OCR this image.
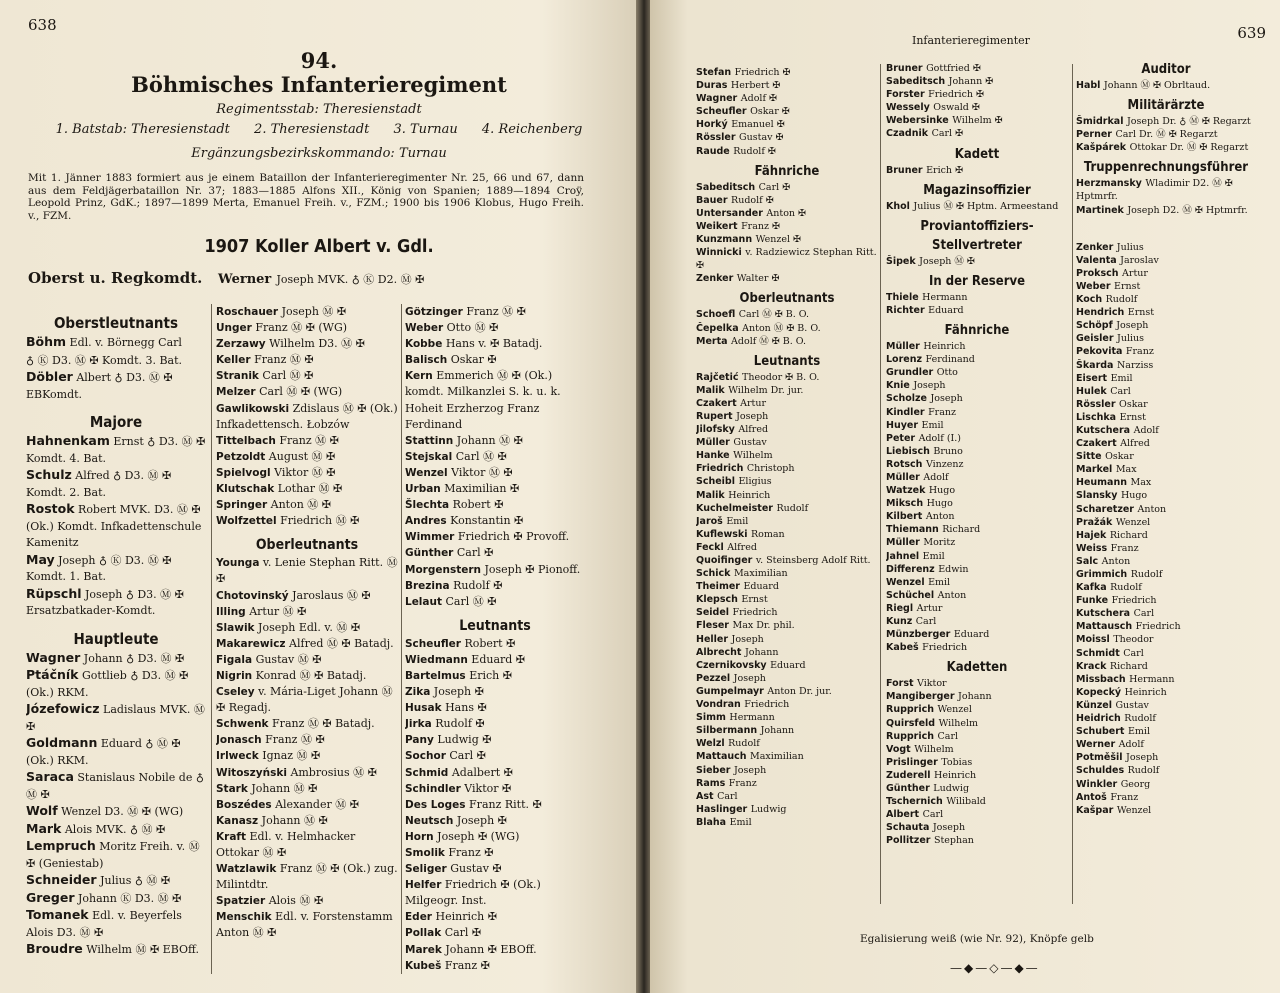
638
94.
Böhmisches Infanterieregiment
Regimentsstab: Theresienstadt
1. Batstab: Theresienstadt 2. Theresienstadt 3. Turnau 4. Reichenberg
Ergänzungsbezirkskommando: Turnau
Mit 1. Jänner 1883 formiert aus je einem Bataillon der Infanterieregimenter Nr. 25, 66 und 67, dann aus dem Feldjägerbataillon Nr. 37; 1883—1885 Alfons XII., König von Spanien; 1889—1894 Croÿ, Leopold Prinz, GdK.; 1897—1899 Merta, Emanuel Freih. v., FZM.; 1900 bis 1906 Klobus, Hugo Freih. v., FZM.
1907 Koller Albert v. Gdl.
Oberst u. Regkomdt. Werner Joseph MVK. ♁ Ⓚ D2. Ⓜ ✠
Oberstleutnants
Böhm Edl. v. Börnegg Carl
♁ Ⓚ D3. Ⓜ ✠ Komdt. 3. Bat.
Döbler Albert ♁ D3. Ⓜ ✠ EBKomdt.
Majore
Hahnenkam Ernst ♁ D3. Ⓜ ✠ Komdt. 4. Bat.
Schulz Alfred ♁ D3. Ⓜ ✠ Komdt. 2. Bat.
Rostok Robert MVK. D3. Ⓜ ✠ (Ok.) Komdt. Infkadettenschule Kamenitz
May Joseph ♁ Ⓚ D3. Ⓜ ✠ Komdt. 1. Bat.
Rüpschl Joseph ♁ D3. Ⓜ ✠ Ersatzbatkader-Komdt.
Hauptleute
Wagner Johann ♁ D3. Ⓜ ✠
Ptáčník Gottlieb ♁ D3. Ⓜ ✠ (Ok.) RKM.
Józefowicz Ladislaus MVK. Ⓜ ✠
Goldmann Eduard ♁ Ⓜ ✠ (Ok.) RKM.
Saraca Stanislaus Nobile de ♁ Ⓜ ✠
Wolf Wenzel D3. Ⓜ ✠ (WG)
Mark Alois MVK. ♁ Ⓜ ✠
Lempruch Moritz Freih. v. Ⓜ ✠ (Geniestab)
Schneider Julius ♁ Ⓜ ✠
Greger Johann Ⓚ D3. Ⓜ ✠
Tomanek Edl. v. Beyerfels Alois D3. Ⓜ ✠
Broudre Wilhelm Ⓜ ✠ EBOff.
Roschauer Joseph Ⓜ ✠
Unger Franz Ⓜ ✠ (WG)
Zerzawy Wilhelm D3. Ⓜ ✠
Keller Franz Ⓜ ✠
Stranik Carl Ⓜ ✠
Melzer Carl Ⓜ ✠ (WG)
Gawlikowski Zdislaus Ⓜ ✠ (Ok.) Infkadettensch. Łobzów
Tittelbach Franz Ⓜ ✠
Petzoldt August Ⓜ ✠
Spielvogl Viktor Ⓜ ✠
Klutschak Lothar Ⓜ ✠
Springer Anton Ⓜ ✠
Wolfzettel Friedrich Ⓜ ✠
Oberleutnants
Younga v. Lenie Stephan Ritt. Ⓜ ✠
Chotovinský Jaroslaus Ⓜ ✠
Illing Artur Ⓜ ✠
Slawik Joseph Edl. v. Ⓜ ✠
Makarewicz Alfred Ⓜ ✠ Batadj.
Figala Gustav Ⓜ ✠
Nigrin Konrad Ⓜ ✠ Batadj.
Cseley v. Mária-Liget Johann Ⓜ ✠ Regadj.
Schwenk Franz Ⓜ ✠ Batadj.
Jonasch Franz Ⓜ ✠
Irlweck Ignaz Ⓜ ✠
Witoszyński Ambrosius Ⓜ ✠
Stark Johann Ⓜ ✠
Boszédes Alexander Ⓜ ✠
Kanasz Johann Ⓜ ✠
Kraft Edl. v. Helmhacker Ottokar Ⓜ ✠
Watzlawik Franz Ⓜ ✠ (Ok.) zug. Milintdtr.
Spatzier Alois Ⓜ ✠
Menschik Edl. v. Forstenstamm Anton Ⓜ ✠
Götzinger Franz Ⓜ ✠
Weber Otto Ⓜ ✠
Kobbe Hans v. ✠ Batadj.
Balisch Oskar ✠
Kern Emmerich Ⓜ ✠ (Ok.) komdt. Milkanzlei S. k. u. k. Hoheit Erzherzog Franz Ferdinand
Stattinn Johann Ⓜ ✠
Stejskal Carl Ⓜ ✠
Wenzel Viktor Ⓜ ✠
Urban Maximilian ✠
Šlechta Robert ✠
Andres Konstantin ✠
Wimmer Friedrich ✠ Provoff.
Günther Carl ✠
Morgenstern Joseph ✠ Pionoff.
Brezina Rudolf ✠
Lelaut Carl Ⓜ ✠
Leutnants
Scheufler Robert ✠
Wiedmann Eduard ✠
Bartelmus Erich ✠
Zika Joseph ✠
Husak Hans ✠
Jirka Rudolf ✠
Pany Ludwig ✠
Sochor Carl ✠
Schmid Adalbert ✠
Schindler Viktor ✠
Des Loges Franz Ritt. ✠
Neutsch Joseph ✠
Horn Joseph ✠ (WG)
Smolik Franz ✠
Seliger Gustav ✠
Helfer Friedrich ✠ (Ok.) Milgeogr. Inst.
Eder Heinrich ✠
Pollak Carl ✠
Marek Johann ✠ EBOff.
Kubeš Franz ✠
Infanterieregimenter	639
Stefan Friedrich ✠
Duras Herbert ✠
Wagner Adolf ✠
Scheufler Oskar ✠
Horký Emanuel ✠
Rössler Gustav ✠
Raude Rudolf ✠
Fähnriche
Sabeditsch Carl ✠
Bauer Rudolf ✠
Untersander Anton ✠
Weikert Franz ✠
Kunzmann Wenzel ✠
Winnicki v. Radziewicz Stephan Ritt. ✠
Zenker Walter ✠
Oberleutnants
Schoefl Carl Ⓜ ✠ B. O.
Čepelka Anton Ⓜ ✠ B. O.
Merta Adolf Ⓜ ✠ B. O.
Leutnants
Rajčetić Theodor ✠ B. O.
Malik Wilhelm Dr. jur.
Czakert Artur
Rupert Joseph
Jilofsky Alfred
Müller Gustav
Hanke Wilhelm
Friedrich Christoph
Scheibl Eligius
Malik Heinrich
Kuchelmeister Rudolf
Jaroš Emil
Kuflewski Roman
Feckl Alfred
Quoifinger v. Steinsberg Adolf Ritt.
Schick Maximilian
Theimer Eduard
Klepsch Ernst
Seidel Friedrich
Fleser Max Dr. phil.
Heller Joseph
Albrecht Johann
Czernikovsky Eduard
Pezzel Joseph
Gumpelmayr Anton Dr. jur.
Vondran Friedrich
Simm Hermann
Silbermann Johann
Welzl Rudolf
Mattauch Maximilian
Sieber Joseph
Rams Franz
Ast Carl
Haslinger Ludwig
Blaha Emil
Bruner Gottfried ✠
Sabeditsch Johann ✠
Forster Friedrich ✠
Wessely Oswald ✠
Webersinke Wilhelm ✠
Czadnik Carl ✠
Kadett
Bruner Erich ✠
Magazinsoffizier
Khol Julius Ⓜ ✠ Hptm. Armeestand
Proviantoffiziers-Stellvertreter
Šipek Joseph Ⓜ ✠
In der Reserve
Thiele Hermann
Richter Eduard
Fähnriche
Müller Heinrich
Lorenz Ferdinand
Grundler Otto
Knie Joseph
Scholze Joseph
Kindler Franz
Huyer Emil
Peter Adolf (I.)
Liebisch Bruno
Rotsch Vinzenz
Müller Adolf
Watzek Hugo
Miksch Hugo
Kilbert Anton
Thiemann Richard
Müller Moritz
Jahnel Emil
Differenz Edwin
Wenzel Emil
Schüchel Anton
Riegl Artur
Kunz Carl
Münzberger Eduard
Kabeš Friedrich
Kadetten
Forst Viktor
Mangiberger Johann
Rupprich Wenzel
Quirsfeld Wilhelm
Rupprich Carl
Vogt Wilhelm
Prislinger Tobias
Zuderell Heinrich
Günther Ludwig
Tschernich Wilibald
Albert Carl
Schauta Joseph
Pollitzer Stephan
Auditor
Habl Johann Ⓜ ✠ Obrltaud.
Militärärzte
Šmidrkal Joseph Dr. ♁ Ⓜ ✠ Regarzt
Perner Carl Dr. Ⓜ ✠ Regarzt
Kašpárek Ottokar Dr. Ⓜ ✠ Regarzt
Truppenrechnungsführer
Herzmansky Wladimir D2. Ⓜ ✠ Hptmrfr.
Martinek Joseph D2. Ⓜ ✠ Hptmrfr.
Zenker Julius
Valenta Jaroslav
Proksch Artur
Weber Ernst
Koch Rudolf
Hendrich Ernst
Schöpf Joseph
Geisler Julius
Pekovita Franz
Škarda Narziss
Eisert Emil
Hulek Carl
Rössler Oskar
Lischka Ernst
Kutschera Adolf
Czakert Alfred
Sitte Oskar
Markel Max
Heumann Max
Slansky Hugo
Scharetzer Anton
Pražák Wenzel
Hajek Richard
Weiss Franz
Salc Anton
Grimmich Rudolf
Kafka Rudolf
Funke Friedrich
Kutschera Carl
Mattausch Friedrich
Moissl Theodor
Schmidt Carl
Krack Richard
Missbach Hermann
Kopecký Heinrich
Künzel Gustav
Heidrich Rudolf
Schubert Emil
Werner Adolf
Potměšil Joseph
Schuldes Rudolf
Winkler Georg
Antoš Franz
Kašpar Wenzel
Egalisierung weiß (wie Nr. 92), Knöpfe gelb
—◆—◇—◆—
